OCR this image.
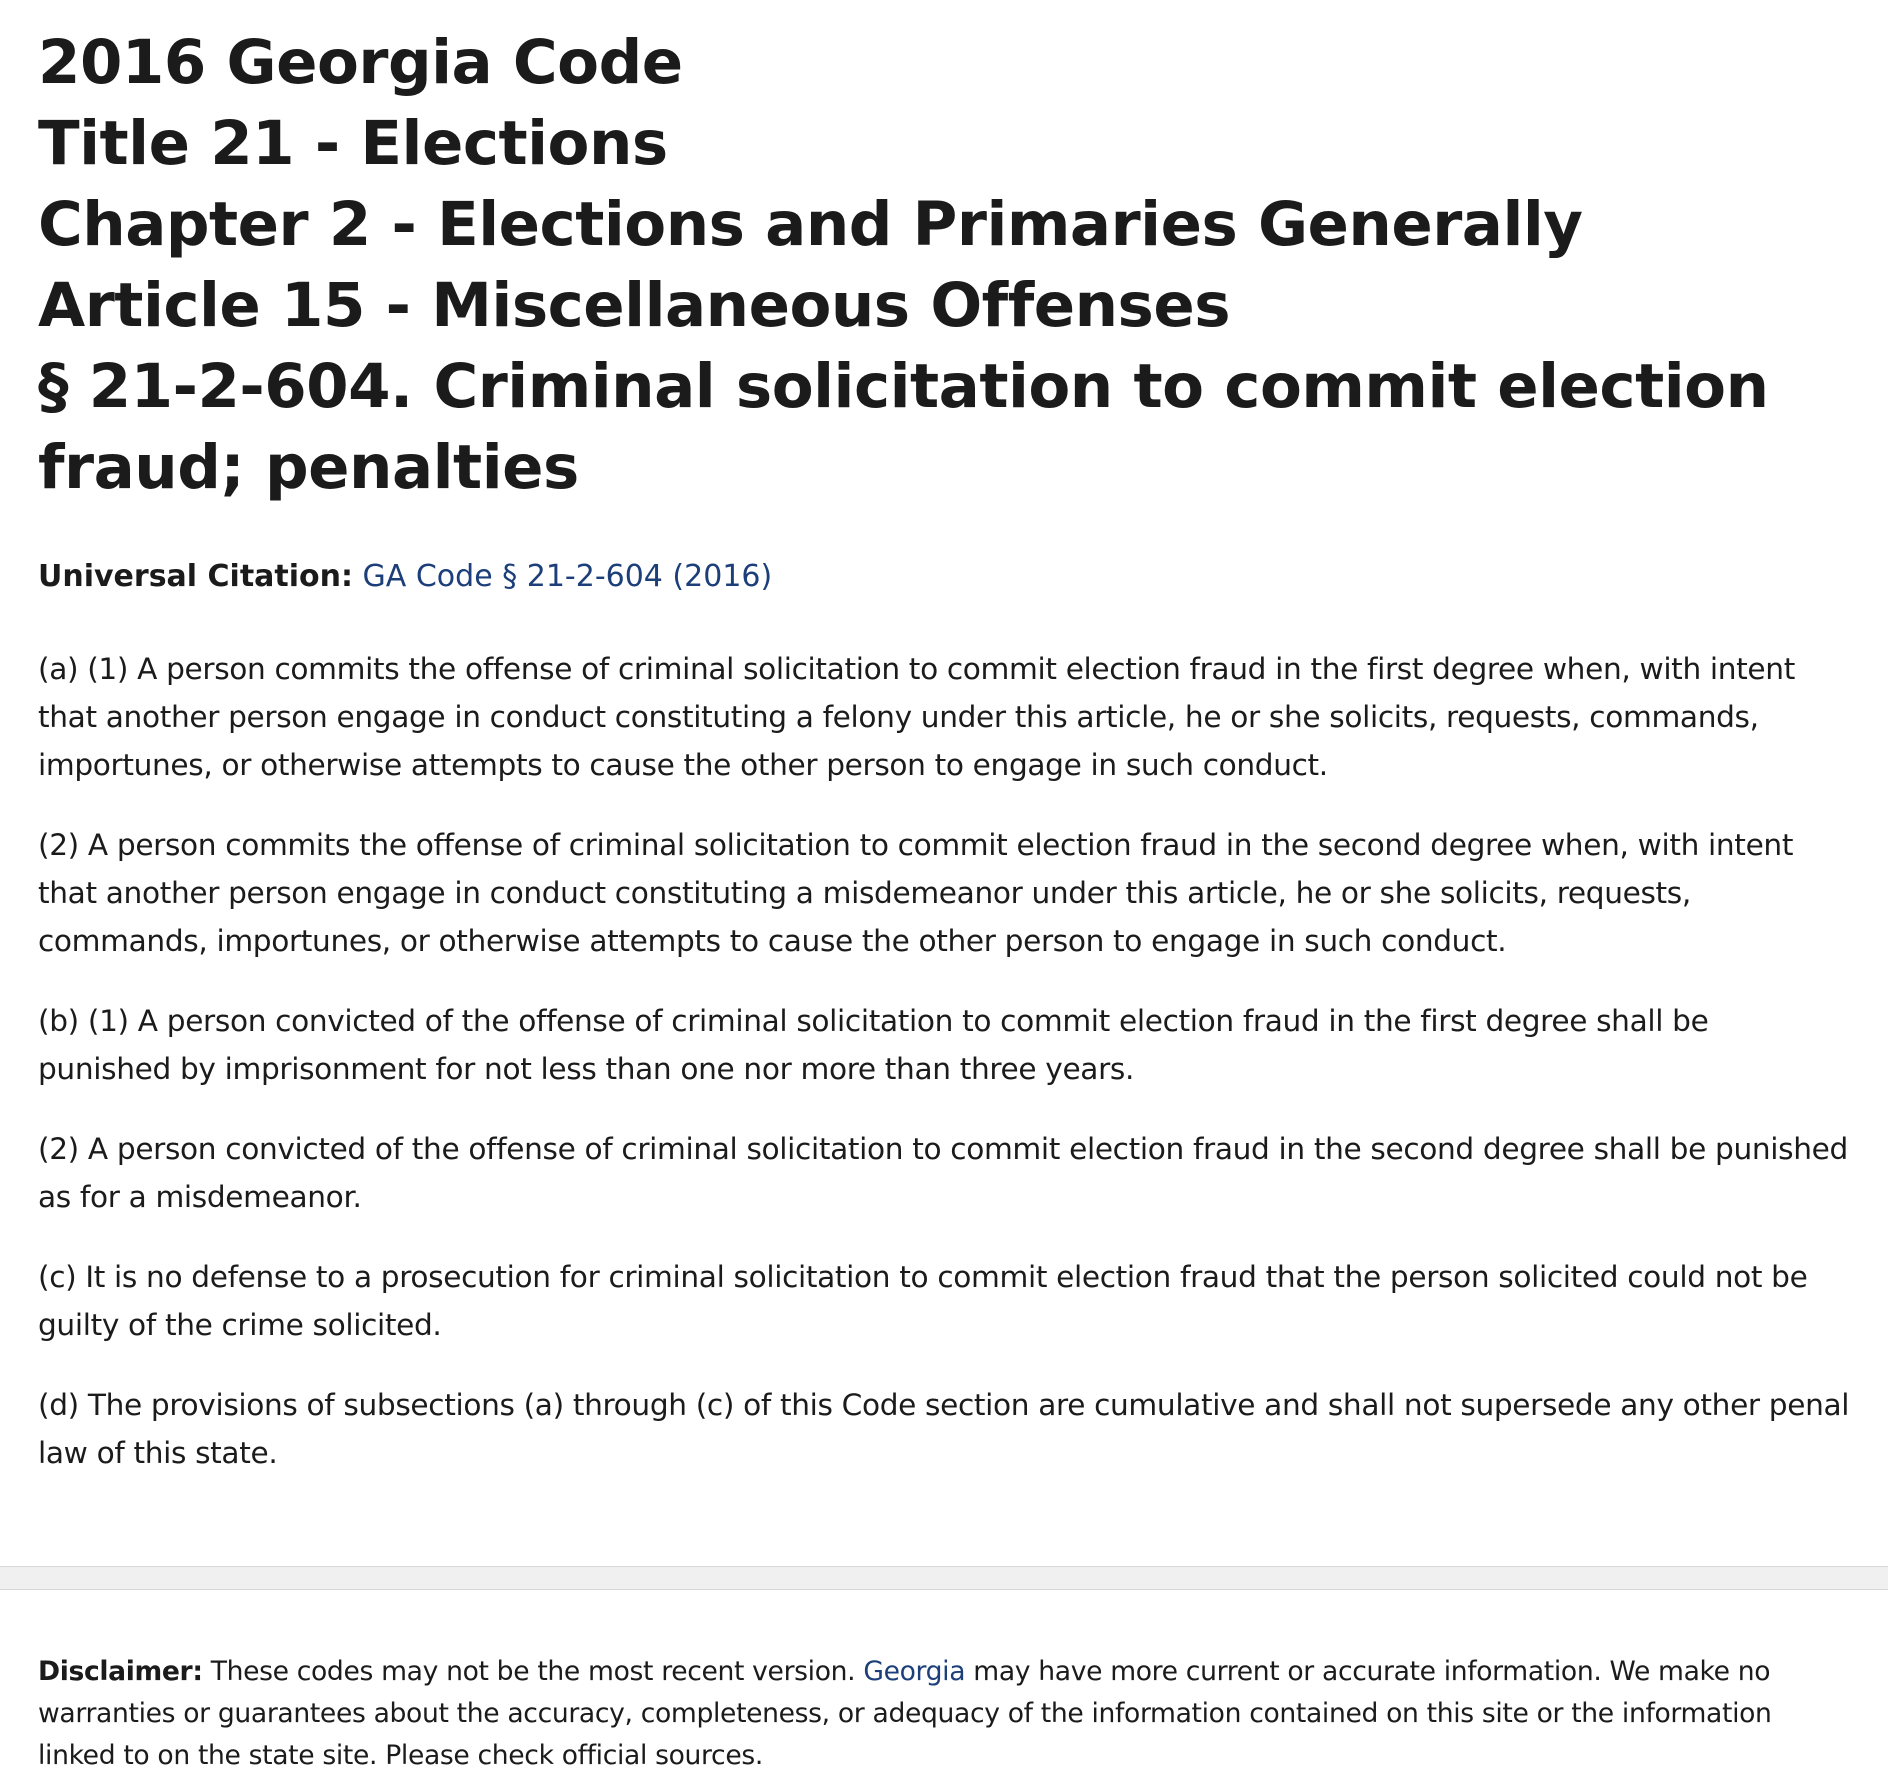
2016 Georgia Code
Title 21 - Elections
Chapter 2 - Elections and Primaries Generally
Article 15 - Miscellaneous Offenses
§ 21-2-604. Criminal solicitation to commit election
fraud; penalties
Universal Citation: GA Code § 21-2-604 (2016)

(a) (1) A person commits the offense of criminal solicitation to commit election fraud in the first degree when, with intent that another person engage in conduct constituting a felony under this article, he or she solicits, requests, commands, importunes, or otherwise attempts to cause the other person to engage in such conduct.

(2) A person commits the offense of criminal solicitation to commit election fraud in the second degree when, with intent that another person engage in conduct constituting a misdemeanor under this article, he or she solicits, requests, commands, importunes, or otherwise attempts to cause the other person to engage in such conduct.

(b) (1) A person convicted of the offense of criminal solicitation to commit election fraud in the first degree shall be punished by imprisonment for not less than one nor more than three years.

(2) A person convicted of the offense of criminal solicitation to commit election fraud in the second degree shall be punished as for a misdemeanor.

(c) It is no defense to a prosecution for criminal solicitation to commit election fraud that the person solicited could not be guilty of the crime solicited.

(d) The provisions of subsections (a) through (c) of this Code section are cumulative and shall not supersede any other penal law of this state.

Disclaimer: These codes may not be the most recent version. Georgia may have more current or accurate information. We make no warranties or guarantees about the accuracy, completeness, or adequacy of the information contained on this site or the information linked to on the state site. Please check official sources.
